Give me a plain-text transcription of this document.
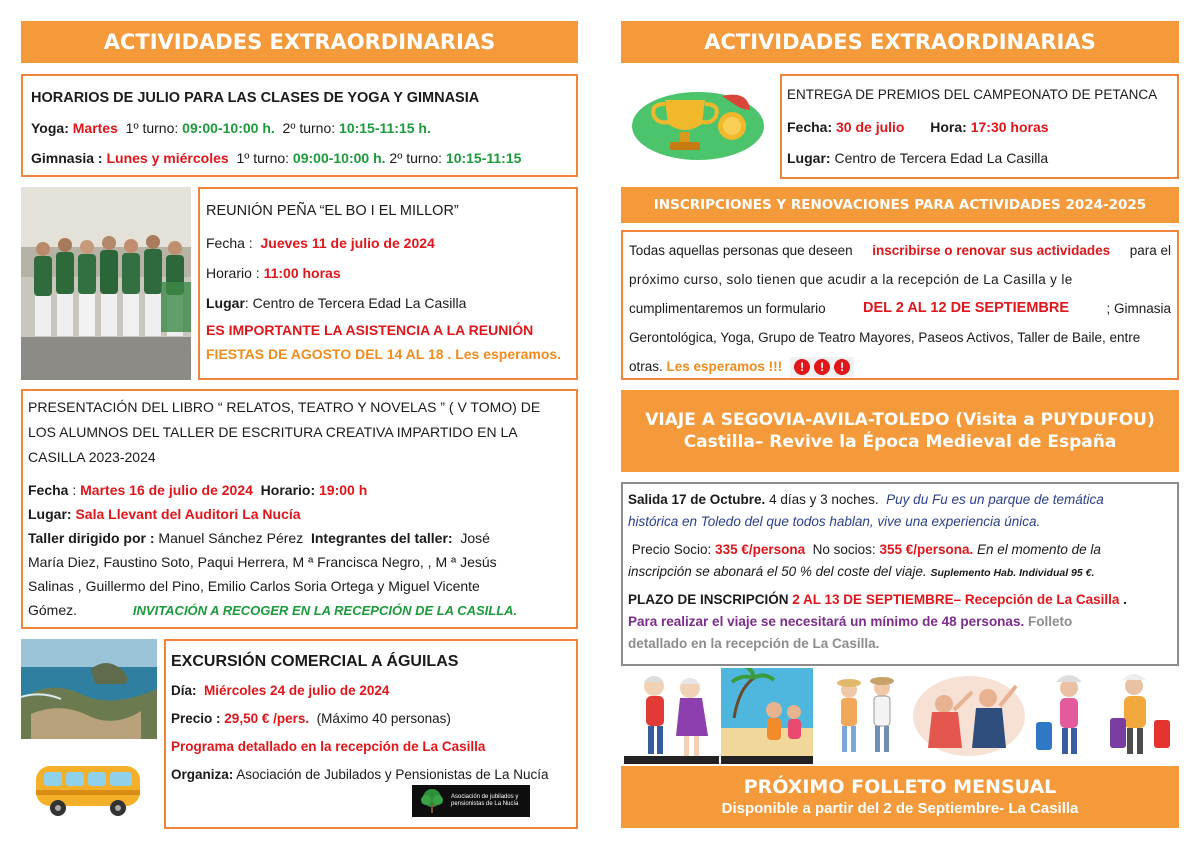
ACTIVIDADES EXTRAORDINARIAS
HORARIOS DE JULIO PARA LAS CLASES DE YOGA Y GIMNASIA
Yoga: Martes 1º turno: 09:00-10:00 h. 2º turno: 10:15-11:15 h.
Gimnasia : Lunes y miércoles 1º turno: 09:00-10:00 h. 2º turno: 10:15-11:15
REUNIÓN PEÑA “EL BO I EL MILLOR”
Fecha : Jueves 11 de julio de 2024
Horario : 11:00 horas
Lugar: Centro de Tercera Edad La Casilla
ES IMPORTANTE LA ASISTENCIA A LA REUNIÓN
FIESTAS DE AGOSTO DEL 14 AL 18 . Les esperamos.
PRESENTACIÓN DEL LIBRO “ RELATOS, TEATRO Y NOVELAS ” ( V TOMO) DE
LOS ALUMNOS DEL TALLER DE ESCRITURA CREATIVA IMPARTIDO EN LA
CASILLA 2023-2024
Fecha : Martes 16 de julio de 2024 Horario: 19:00 h
Lugar: Sala Llevant del Auditori La Nucía
Taller dirigido por : Manuel Sánchez Pérez Integrantes del taller: José
María Diez, Faustino Soto, Paqui Herrera, M ª Francisca Negro, , M ª Jesús
Salinas , Guillermo del Pino, Emilio Carlos Soria Ortega y Miguel Vicente
Gómez.	INVITACIÓN A RECOGER EN LA RECEPCIÓN DE LA CASILLA.
EXCURSIÓN COMERCIAL A ÁGUILAS
Día: Miércoles 24 de julio de 2024
Precio : 29,50 € /pers. (Máximo 40 personas)
Programa detallado en la recepción de La Casilla
Organiza: Asociación de Jubilados y Pensionistas de La Nucía
Asociación de jubilados y pensionistas de La Nucía
ACTIVIDADES EXTRAORDINARIAS
ENTREGA DE PREMIOS DEL CAMPEONATO DE PETANCA
Fecha: 30 de julio Hora: 17:30 horas
Lugar: Centro de Tercera Edad La Casilla
INSCRIPCIONES Y RENOVACIONES PARA ACTIVIDADES 2024-2025
Todas aquellas personas que deseen inscribirse o renovar sus actividades para el
próximo curso, solo tienen que acudir a la recepción de La Casilla y le
cumplimentaremos un formulario	DEL 2 AL 12 DE SEPTIEMBRE	; Gimnasia
Gerontológica, Yoga, Grupo de Teatro Mayores, Paseos Activos, Taller de Baile, entre
otras.
Les esperamos !!!	!	!	!
VIAJE A SEGOVIA-AVILA-TOLEDO (Visita a PUYDUFOU)
Castilla– Revive la Época Medieval de España
Salida 17 de Octubre. 4 días y 3 noches. Puy du Fu es un parque de temática
histórica en Toledo del que todos hablan, vive una experiencia única.
Precio Socio: 335 €/persona No socios: 355 €/persona. En el momento de la
inscripción se abonará el 50 % del coste del viaje. Suplemento Hab. Individual 95 €.
PLAZO DE INSCRIPCIÓN 2 AL 13 DE SEPTIEMBRE– Recepción de La Casilla .
Para realizar el viaje se necesitará un mínimo de 48 personas. Folleto
detallado en la recepción de La Casilla.
PRÓXIMO FOLLETO MENSUAL
Disponible a partir del 2 de Septiembre- La Casilla
